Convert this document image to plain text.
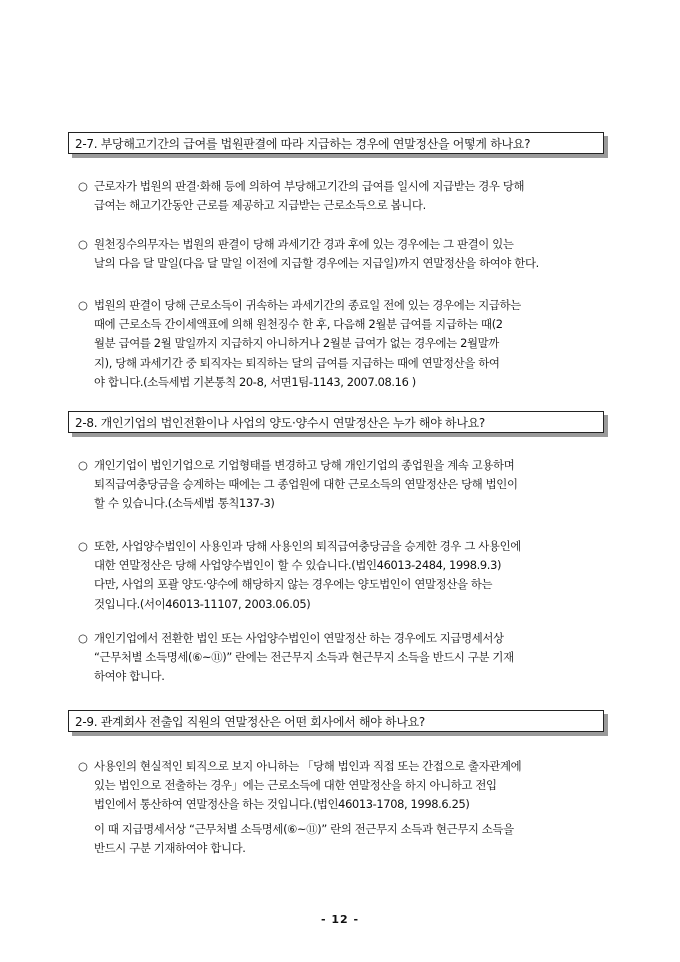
2-7. 부당해고기간의 급여를 법원판결에 따라 지급하는 경우에 연말정산을 어떻게 하나요?
○ 근로자가 법원의 판결·화해 등에 의하여 부당해고기간의 급여를 일시에 지급받는 경우 당해
급여는 해고기간동안 근로를 제공하고 지급받는 근로소득으로 봅니다.
○ 원천징수의무자는 법원의 판결이 당해 과세기간 경과 후에 있는 경우에는 그 판결이 있는
날의 다음 달 말일(다음 달 말일 이전에 지급할 경우에는 지급일)까지 연말정산을 하여야 한다.
○ 법원의 판결이 당해 근로소득이 귀속하는 과세기간의 종료일 전에 있는 경우에는 지급하는
때에 근로소득 간이세액표에 의해 원천징수 한 후, 다음해 2월분 급여를 지급하는 때(2
월분 급여를 2월 말일까지 지급하지 아니하거나 2월분 급여가 없는 경우에는 2월말까
지), 당해 과세기간 중 퇴직자는 퇴직하는 달의 급여를 지급하는 때에 연말정산을 하여
야 합니다.(소득세법 기본통칙 20-8, 서면1팀-1143, 2007.08.16 )
2-8. 개인기업의 법인전환이나 사업의 양도·양수시 연말정산은 누가 해야 하나요?
○ 개인기업이 법인기업으로 기업형태를 변경하고 당해 개인기업의 종업원을 계속 고용하며
퇴직급여충당금을 승계하는 때에는 그 종업원에 대한 근로소득의 연말정산은 당해 법인이
할 수 있습니다.(소득세법 통칙137-3)
○ 또한, 사업양수법인이 사용인과 당해 사용인의 퇴직급여충당금을 승계한 경우 그 사용인에
대한 연말정산은 당해 사업양수법인이 할 수 있습니다.(법인46013-2484, 1998.9.3)
다만, 사업의 포괄 양도·양수에 해당하지 않는 경우에는 양도법인이 연말정산을 하는
것입니다.(서이46013-11107, 2003.06.05)
○ 개인기업에서 전환한 법인 또는 사업양수법인이 연말정산 하는 경우에도 지급명세서상
“근무처별 소득명세(⑥~⑪)” 란에는 전근무지 소득과 현근무지 소득을 반드시 구분 기재
하여야 합니다.
2-9. 관계회사 전출입 직원의 연말정산은 어떤 회사에서 해야 하나요?
○ 사용인의 현실적인 퇴직으로 보지 아니하는 「당해 법인과 직접 또는 간접으로 출자관계에
있는 법인으로 전출하는 경우」에는 근로소득에 대한 연말정산을 하지 아니하고 전입
법인에서 통산하여 연말정산을 하는 것입니다.(법인46013-1708, 1998.6.25)
이 때 지급명세서상 “근무처별 소득명세(⑥~⑪)” 란의 전근무지 소득과 현근무지 소득을
반드시 구분 기재하여야 합니다.
- 12 -
